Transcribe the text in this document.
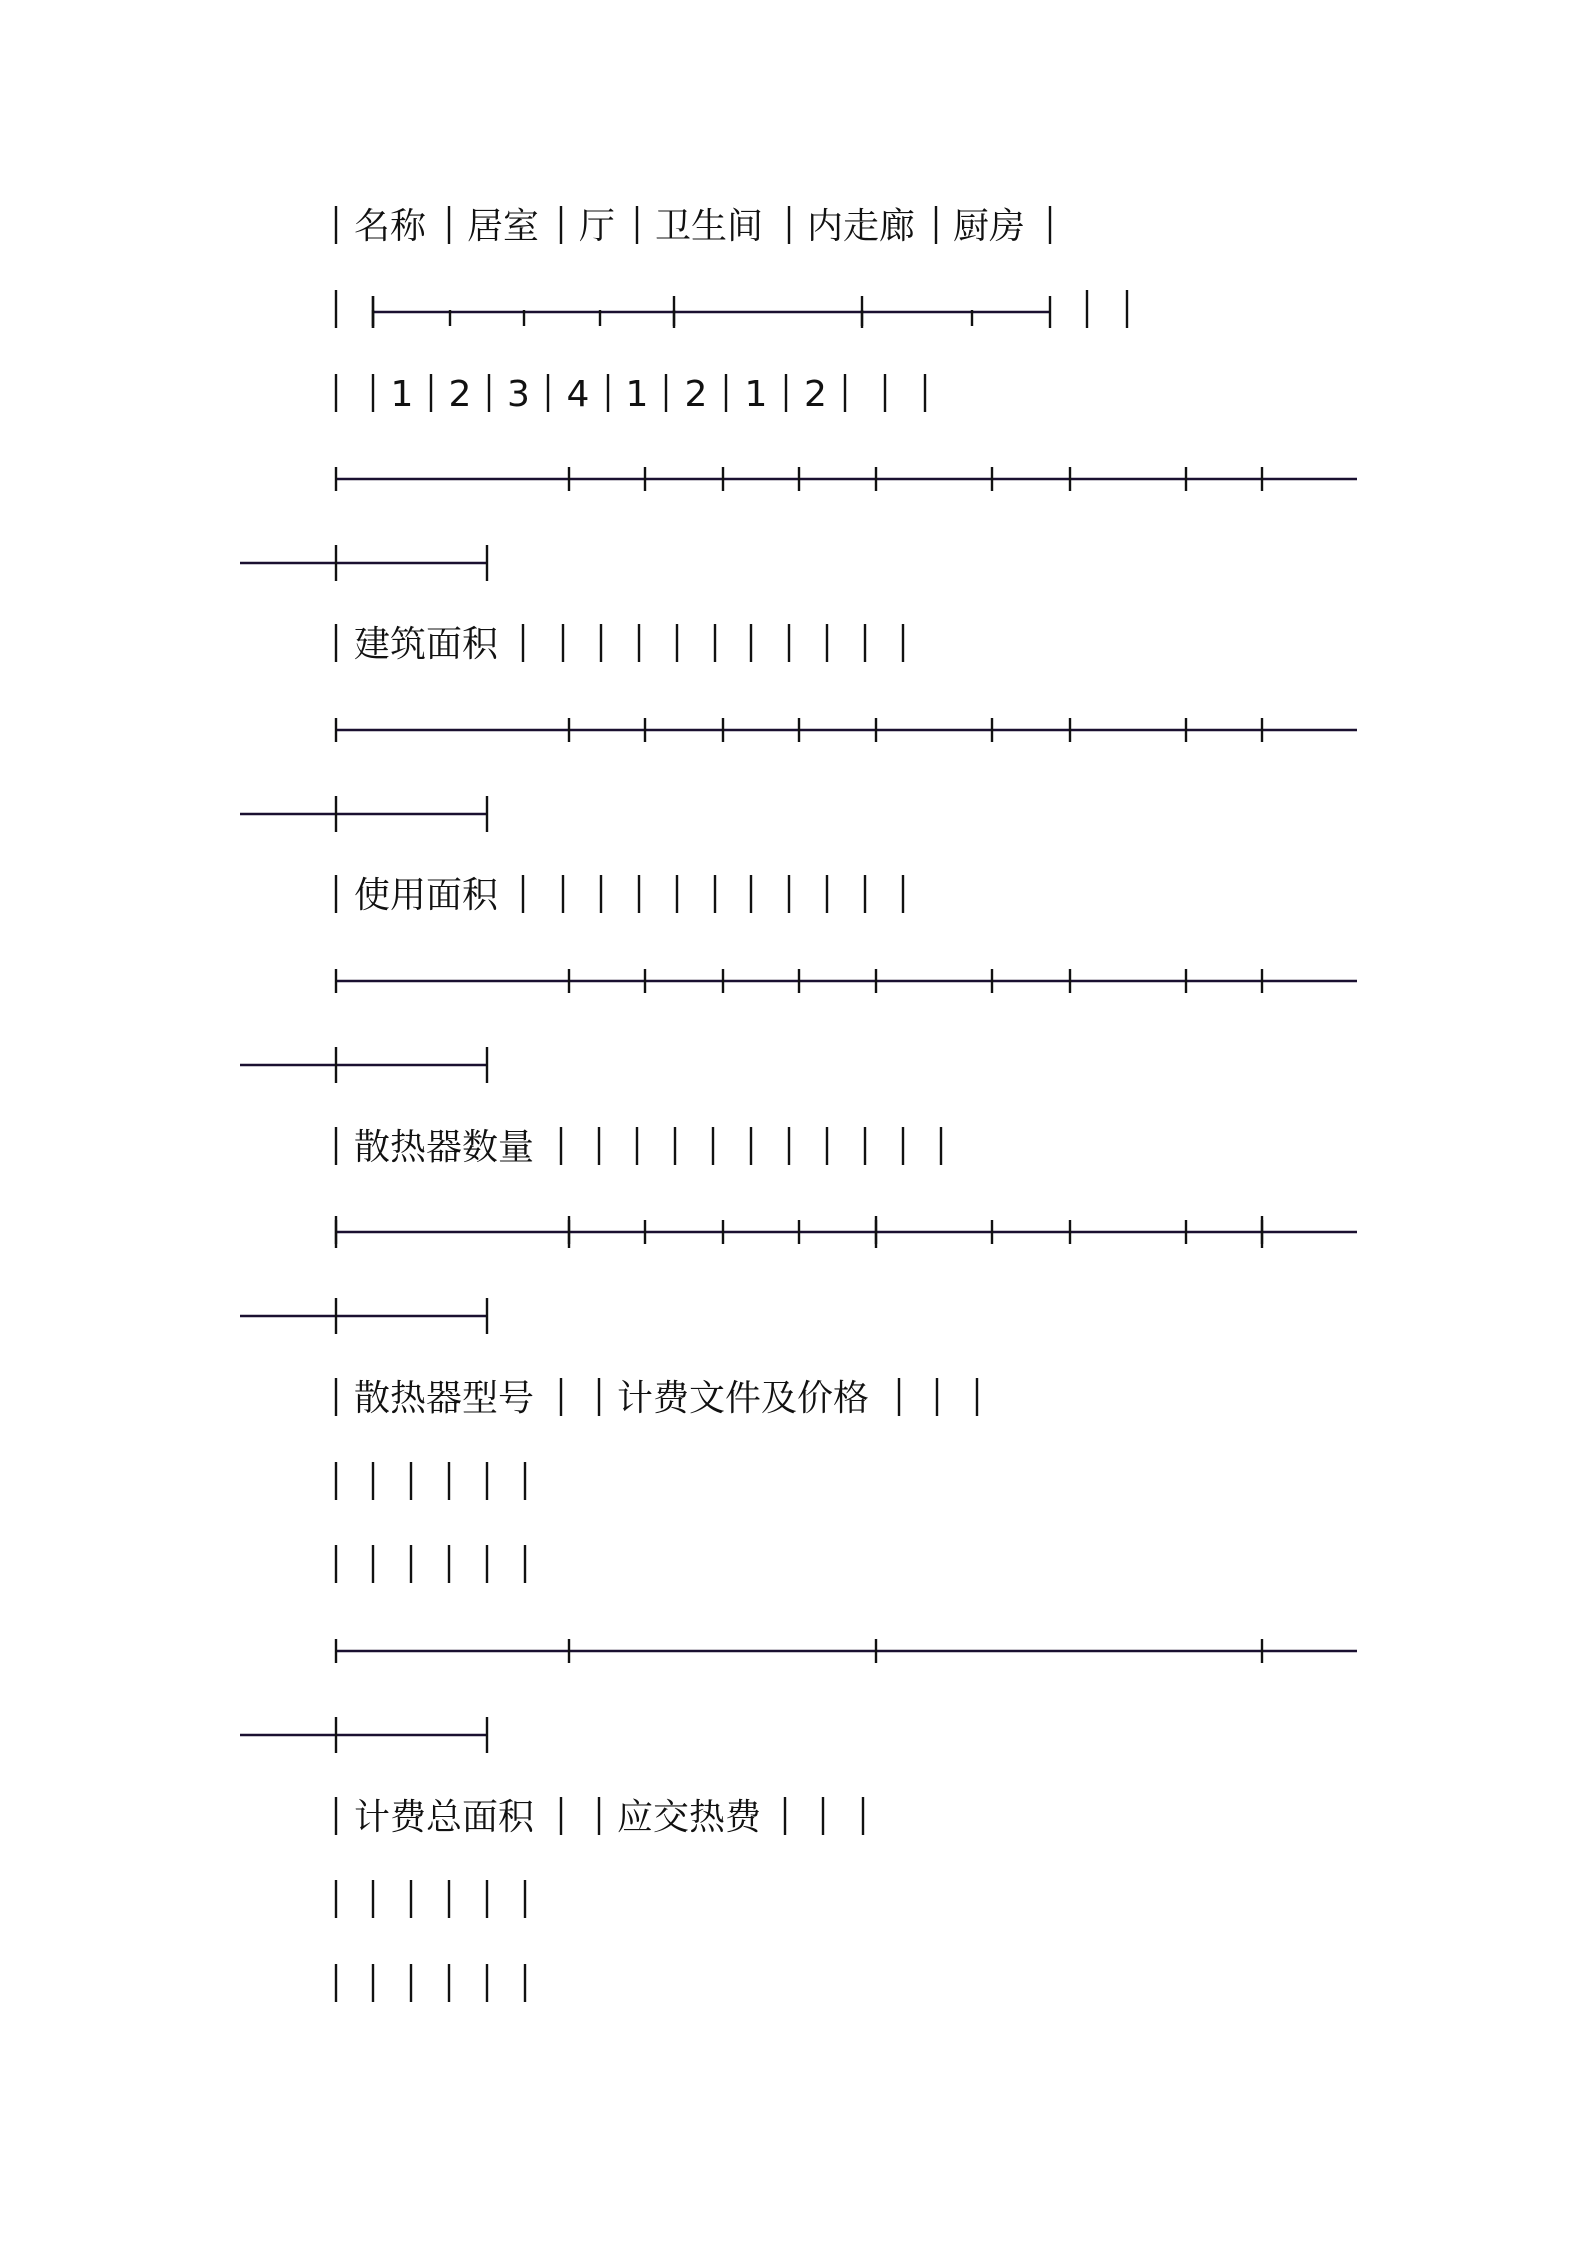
名称 居室 厅 卫生间 内走廊 厨房
1 2 3 4 1 2 1 2
建筑面积
使用面积
散热器数量
散热器型号 计费文件及价格
计费总面积 应交热费
